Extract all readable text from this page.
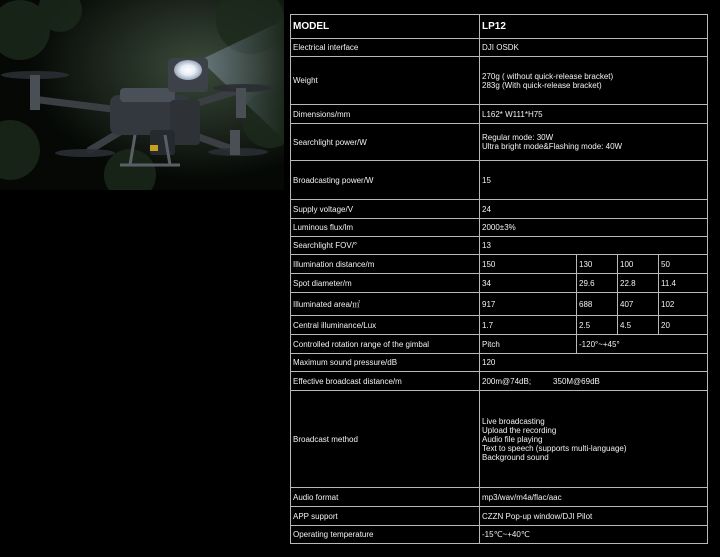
MODEL	LP12			
Electrical interface	DJI OSDK			
Weight	270g ( without quick-release bracket)
283g (With quick-release bracket)			

Dimensions/mm	L162* W111*H75			
Searchlight power/W	Regular mode: 30W
Ultra bright mode&Flashing mode: 40W			

Broadcasting power/W	15			
Supply voltage/V	24			
Luminous flux/lm	2000±3%			
Searchlight FOV/°	13			
Illumination distance/m	150	130	100	50
Spot diameter/m	34	29.6	22.8	11.4
Illuminated area/㎡	917	688	407	102
Central illuminance/Lux	1.7	2.5	4.5	20
Controlled rotation range of the gimbal	Pitch	-120°~+45°		
Maximum sound pressure/dB	120			
Effective broadcast distance/m	200m@74dB; 350M@69dB			
Broadcast method	Live broadcasting
Upload the recording
Audio file playing
Text to speech (supports multi-language)
Background sound			

Audio format	mp3/wav/m4a/flac/aac			
APP support	CZZN Pop-up window/DJI Pilot			
Operating temperature	-15℃~+40℃			
